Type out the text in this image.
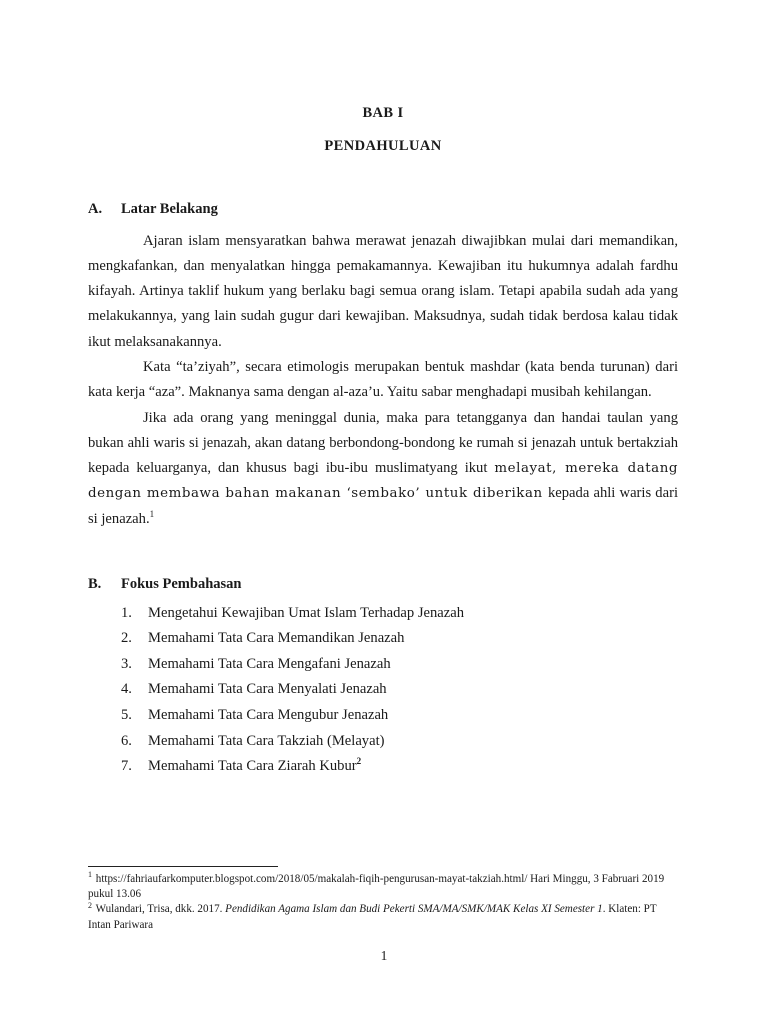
BAB I
PENDAHULUAN
A.	Latar Belakang

Ajaran islam mensyaratkan bahwa merawat jenazah diwajibkan mulai dari memandikan, mengkafankan, dan menyalatkan hingga pemakamannya. Kewajiban itu hukumnya adalah fardhu kifayah. Artinya taklif hukum yang berlaku bagi semua orang islam. Tetapi apabila sudah ada yang melakukannya, yang lain sudah gugur dari kewajiban. Maksudnya, sudah tidak berdosa kalau tidak ikut melaksanakannya.

Kata “ta’ziyah”, secara etimologis merupakan bentuk mashdar (kata benda turunan) dari kata kerja “aza”. Maknanya sama dengan al-aza’u. Yaitu sabar menghadapi musibah kehilangan.

Jika ada orang yang meninggal dunia, maka para tetangganya dan handai taulan yang bukan ahli waris si jenazah, akan datang berbondong-bondong ke rumah si jenazah untuk bertakziah kepada keluarganya, dan khusus bagi ibu-ibu muslimatyang ikut melayat, mereka datang dengan membawa bahan makanan ‘sembako’ untuk diberikan kepada ahli waris dari si jenazah.$^1$

B.	Fokus Pembahasan
1.	Mengetahui Kewajiban Umat Islam Terhadap Jenazah
2.	Memahami Tata Cara Memandikan Jenazah
3.	Memahami Tata Cara Mengafani Jenazah
4.	Memahami Tata Cara Menyalati Jenazah
5.	Memahami Tata Cara Mengubur Jenazah
6.	Memahami Tata Cara Takziah (Melayat)
7.	Memahami Tata Cara Ziarah Kubur$^2$

$^1$ https://fahriaufarkomputer.blogspot.com/2018/05/makalah-fiqih-pengurusan-mayat-takziah.html/ Hari Minggu, 3 Fabruari 2019 pukul 13.06

$^2$ Wulandari, Trisa, dkk. 2017. Pendidikan Agama Islam dan Budi Pekerti SMA/MA/SMK/MAK Kelas XI Semester 1. Klaten: PT Intan Pariwara

1
